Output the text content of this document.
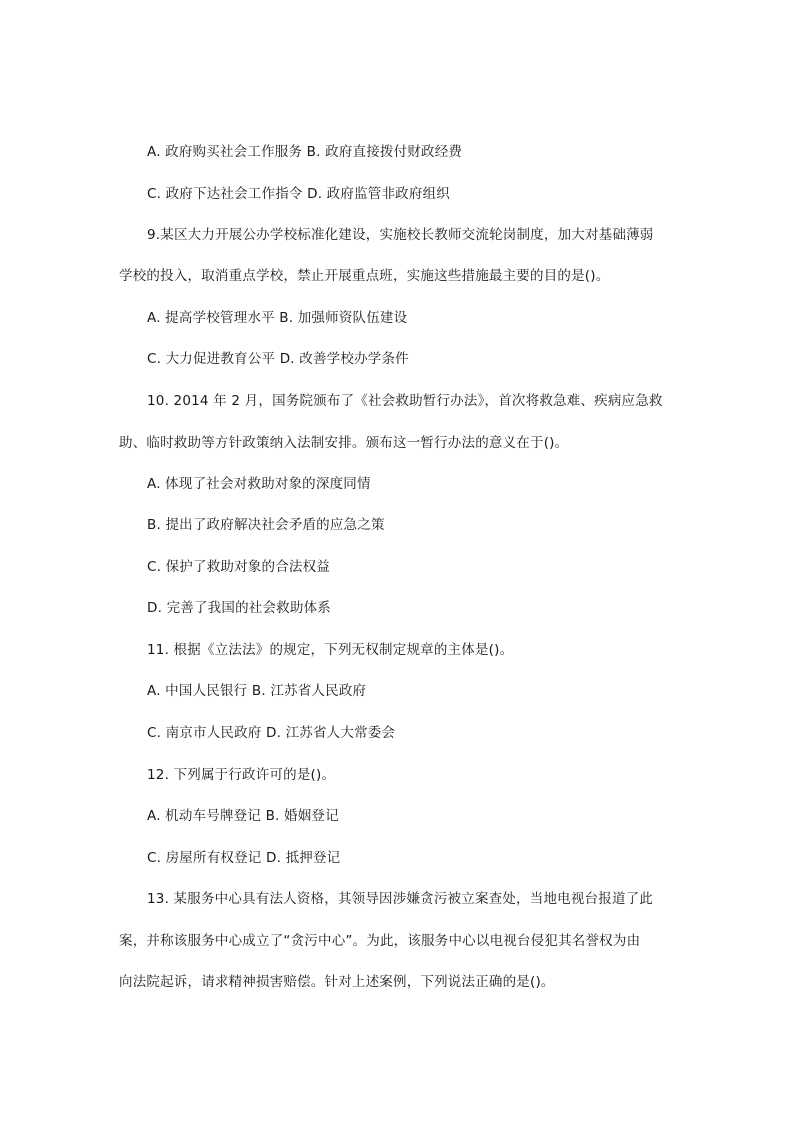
A. 政府购买社会工作服务 B. 政府直接拨付财政经费
C. 政府下达社会工作指令 D. 政府监管非政府组织
9.某区大力开展公办学校标准化建设，实施校长教师交流轮岗制度，加大对基础薄弱
学校的投入，取消重点学校，禁止开展重点班，实施这些措施最主要的目的是()。
A. 提高学校管理水平 B. 加强师资队伍建设
C. 大力促进教育公平 D. 改善学校办学条件
10. 2014 年 2 月，国务院颁布了《社会救助暂行办法》，首次将救急难、疾病应急救
助、临时救助等方针政策纳入法制安排。颁布这一暂行办法的意义在于()。
A. 体现了社会对救助对象的深度同情
B. 提出了政府解决社会矛盾的应急之策
C. 保护了救助对象的合法权益
D. 完善了我国的社会救助体系
11. 根据《立法法》的规定，下列无权制定规章的主体是()。
A. 中国人民银行 B. 江苏省人民政府
C. 南京市人民政府 D. 江苏省人大常委会
12. 下列属于行政许可的是()。
A. 机动车号牌登记 B. 婚姻登记
C. 房屋所有权登记 D. 抵押登记
13. 某服务中心具有法人资格，其领导因涉嫌贪污被立案查处，当地电视台报道了此
案，并称该服务中心成立了“贪污中心”。为此，该服务中心以电视台侵犯其名誉权为由
向法院起诉，请求精神损害赔偿。针对上述案例，下列说法正确的是()。
